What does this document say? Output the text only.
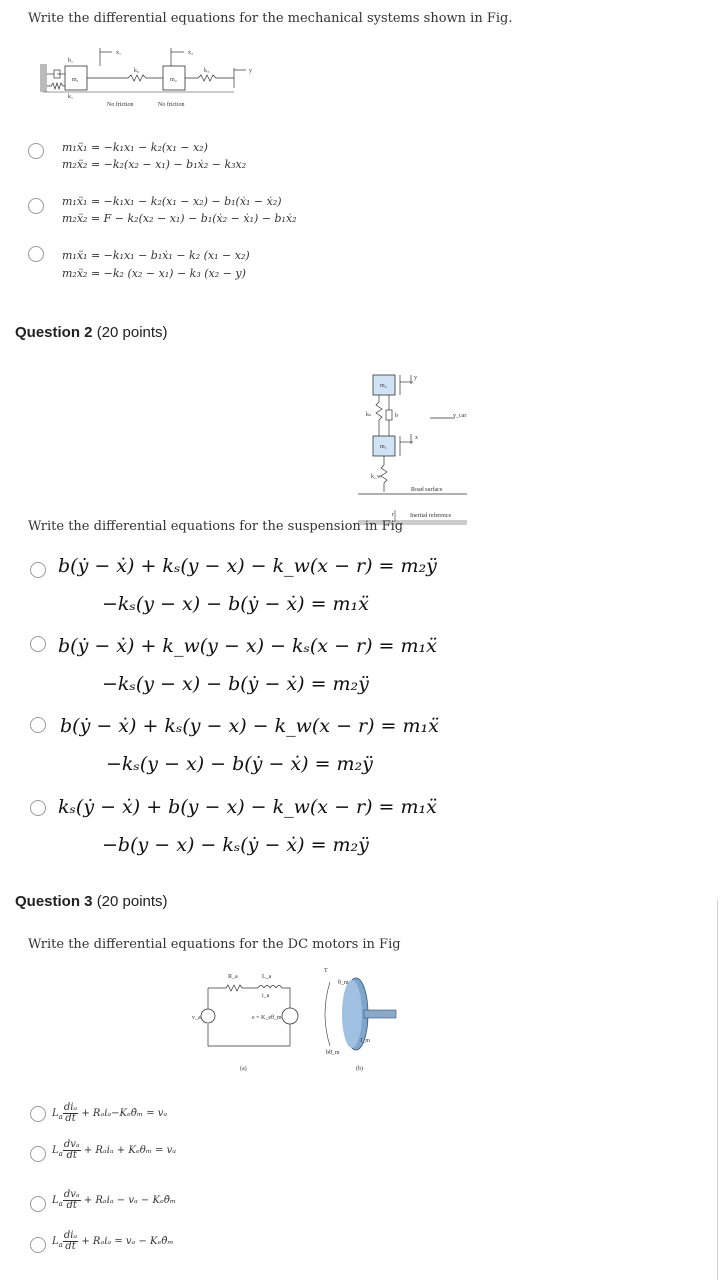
Write the differential equations for the mechanical systems shown in Fig.
b₁
k₁
m₁
k₂
x₁
m₂
x₂
k₃	y
No friction	No friction
m₁ẍ₁ = −k₁x₁ − k₂(x₁ − x₂)
m₂ẍ₂ = −k₂(x₂ − x₁) − b₁ẋ₂ − k₃x₂
m₁ẍ₁ = −k₁x₁ − k₂(x₁ − x₂) − b₁(ẋ₁ − ẋ₂)
m₂ẍ₂ = F − k₂(x₂ − x₁) − b₁(ẋ₂ − ẋ₁) − b₁ẋ₂
m₁ẍ₁ = −k₁x₁ − b₁ẋ₁ − k₂ (x₁ − x₂)
m₂ẍ₂ = −k₂ (x₂ − x₁) − k₃ (x₂ − y)
Question 2 (20 points)
m₂
m₁
kₛ	b
k_w
y
x
v_car
Road surface
Inertial reference
r
Write the differential equations for the suspension in Fig
b(ẏ − ẋ) + kₛ(y − x) − k_w(x − r) = m₂ÿ
−kₛ(y − x) − b(ẏ − ẋ) = m₁ẍ
b(ẏ − ẋ) + k_w(y − x) − kₛ(x − r) = m₁ẍ
−kₛ(y − x) − b(ẏ − ẋ) = m₂ÿ
b(ẏ − ẋ) + kₛ(y − x) − k_w(x − r) = m₁ẍ
−kₛ(y − x) − b(ẏ − ẋ) = m₂ÿ
kₛ(ẏ − ẋ) + b(y − x) − k_w(x − r) = m₁ẍ
−b(y − x) − kₛ(ẏ − ẋ) = m₂ÿ
Question 3 (20 points)
Write the differential equations for the DC motors in Fig
R_a	L_a
i_a
v_a	e = K_eθ̇_m
T
θ_m
J_m
bθ̇_m
(a)	(b)
$L_a \frac{\text{diₐ}}{dt}$ + Rₐiₐ−Kₑθ̇ₘ = vₐ
$L_a \frac{\text{dvₐ}}{dt} + R_ai_a + K_e\theta_m = v_a$
$L_a \frac{\text{dvₐ}}{dt} + R_ai_a - v_a$ − Kₑθ̇ₘ
$L_a \frac{\text{diₐ}}{dt} + R_ai_a = v_a$ − Kₑθ̇ₘ
